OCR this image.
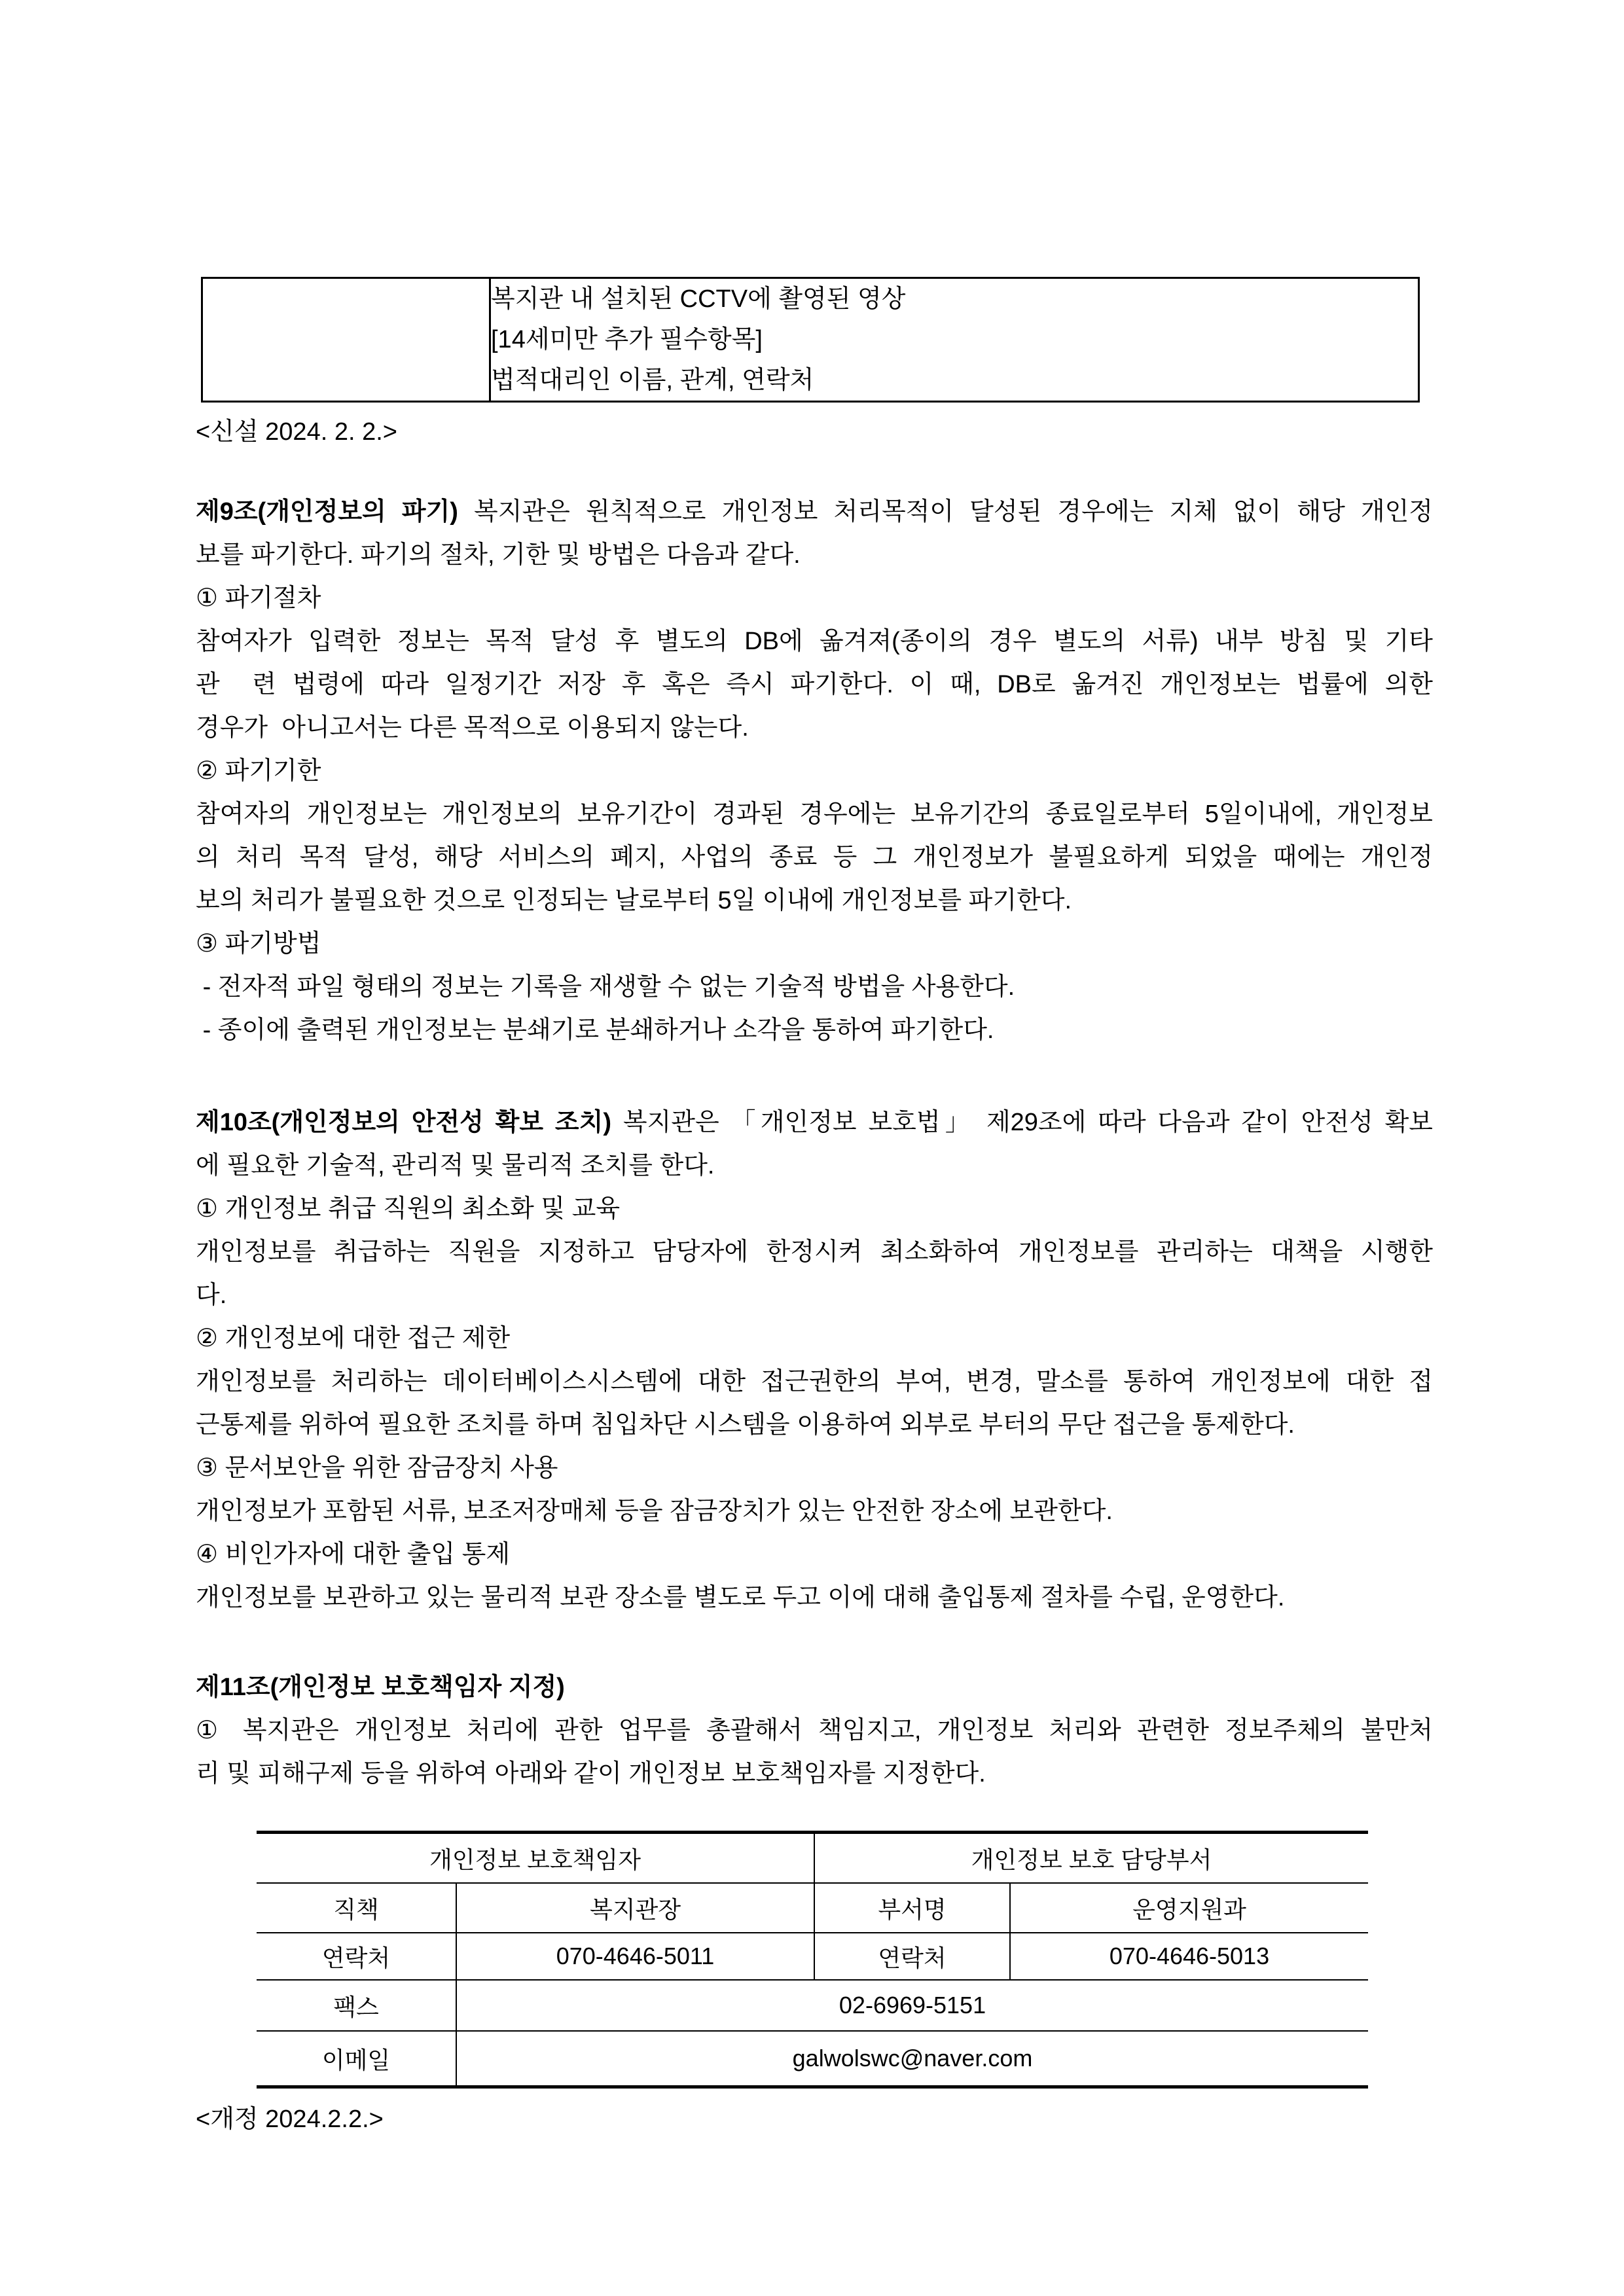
복지관 내 설치된 CCTV에 촬영된 영상
[14세미만 추가 필수항목]
법적대리인 이름, 관계, 연락처

<신설 2024. 2. 2.>

제9조(개인정보의 파기) 복지관은 원칙적으로 개인정보 처리목적이 달성된 경우에는 지체 없이 해당 개인정
보를 파기한다. 파기의 절차, 기한 및 방법은 다음과 같다.
① 파기절차
참여자가 입력한 정보는 목적 달성 후 별도의 DB에 옮겨져(종이의 경우 별도의 서류) 내부 방침 및 기타
관  련 법령에 따라 일정기간 저장 후 혹은 즉시 파기한다. 이 때, DB로 옮겨진 개인정보는 법률에 의한
경우가  아니고서는 다른 목적으로 이용되지 않는다.
② 파기기한
참여자의 개인정보는 개인정보의 보유기간이 경과된 경우에는 보유기간의 종료일로부터 5일이내에, 개인정보
의 처리 목적 달성, 해당 서비스의 폐지, 사업의 종료 등 그 개인정보가 불필요하게 되었을 때에는 개인정
보의 처리가 불필요한 것으로 인정되는 날로부터 5일 이내에 개인정보를 파기한다.
③ 파기방법
- 전자적 파일 형태의 정보는 기록을 재생할 수 없는 기술적 방법을 사용한다.
- 종이에 출력된 개인정보는 분쇄기로 분쇄하거나 소각을 통하여 파기한다.
제10조(개인정보의 안전성 확보 조치) 복지관은 「개인정보 보호법」 제29조에 따라 다음과 같이 안전성 확보
에 필요한 기술적, 관리적 및 물리적 조치를 한다.
① 개인정보 취급 직원의 최소화 및 교육
개인정보를 취급하는 직원을 지정하고 담당자에 한정시켜 최소화하여 개인정보를 관리하는 대책을 시행한
다.
② 개인정보에 대한 접근 제한
개인정보를 처리하는 데이터베이스시스템에 대한 접근권한의 부여, 변경, 말소를 통하여 개인정보에 대한 접
근통제를 위하여 필요한 조치를 하며 침입차단 시스템을 이용하여 외부로 부터의 무단 접근을 통제한다.
③ 문서보안을 위한 잠금장치 사용
개인정보가 포함된 서류, 보조저장매체 등을 잠금장치가 있는 안전한 장소에 보관한다.
④ 비인가자에 대한 출입 통제
개인정보를 보관하고 있는 물리적 보관 장소를 별도로 두고 이에 대해 출입통제 절차를 수립, 운영한다.
제11조(개인정보 보호책임자 지정)
① 복지관은 개인정보 처리에 관한 업무를 총괄해서 책임지고, 개인정보 처리와 관련한 정보주체의 불만처
리 및 피해구제 등을 위하여 아래와 같이 개인정보 보호책임자를 지정한다.
개인정보 보호책임자		개인정보 보호 담당부서	
직책	복지관장	부서명	운영지원과
연락처	070-4646-5011	연락처	070-4646-5013
팩스	02-6969-5151		
이메일	galwolswc@naver.com		

<개정 2024.2.2.>
